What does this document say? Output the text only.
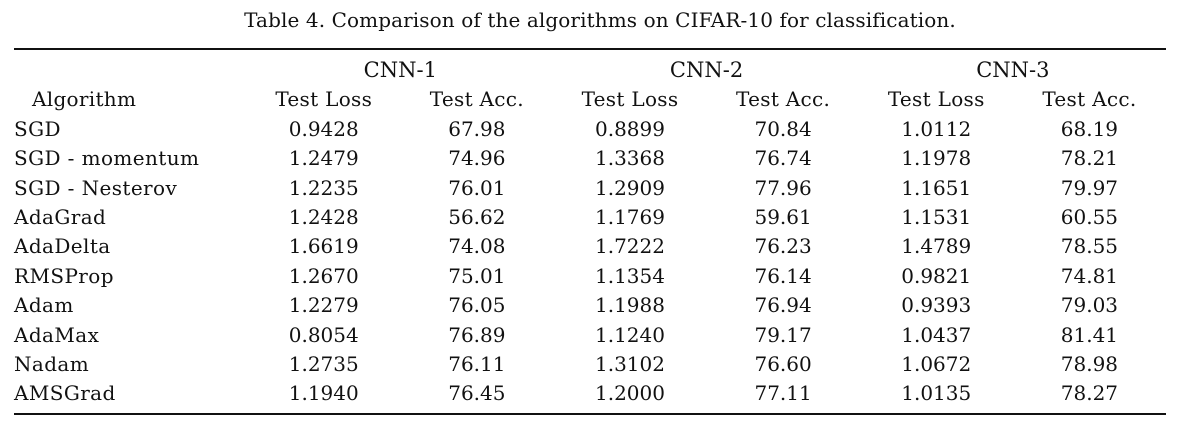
Table 4. Comparison of the algorithms on CIFAR-10 for classification.
	CNN-1		CNN-2		CNN-3	
Algorithm	Test Loss	Test Acc.	Test Loss	Test Acc.	Test Loss	Test Acc.
SGD	0.9428	67.98	0.8899	70.84	1.0112	68.19
SGD - momentum	1.2479	74.96	1.3368	76.74	1.1978	78.21
SGD - Nesterov	1.2235	76.01	1.2909	77.96	1.1651	79.97
AdaGrad	1.2428	56.62	1.1769	59.61	1.1531	60.55
AdaDelta	1.6619	74.08	1.7222	76.23	1.4789	78.55
RMSProp	1.2670	75.01	1.1354	76.14	0.9821	74.81
Adam	1.2279	76.05	1.1988	76.94	0.9393	79.03
AdaMax	0.8054	76.89	1.1240	79.17	1.0437	81.41
Nadam	1.2735	76.11	1.3102	76.60	1.0672	78.98
AMSGrad	1.1940	76.45	1.2000	77.11	1.0135	78.27
